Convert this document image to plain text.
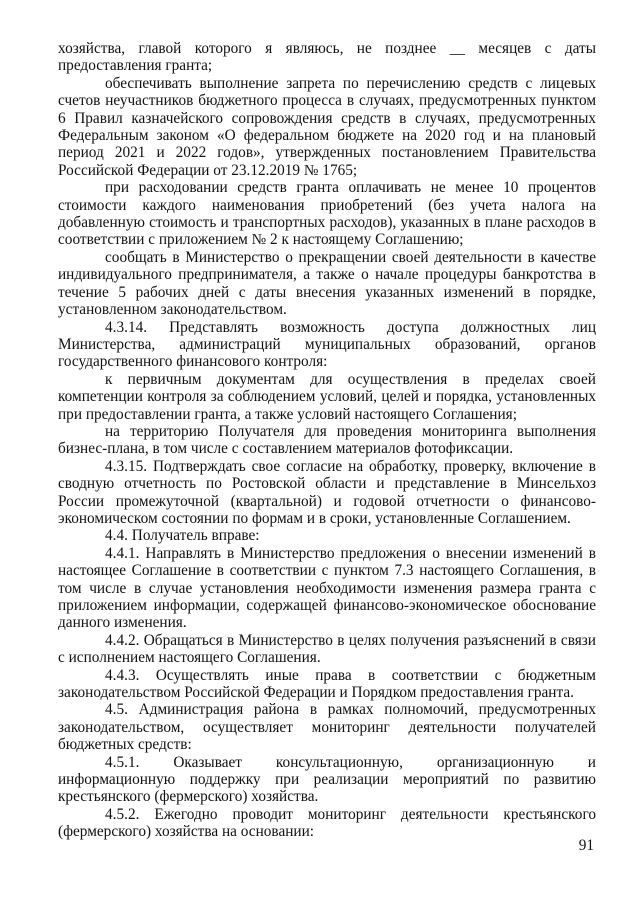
хозяйства, главой которого я являюсь, не позднее __ месяцев с даты предоставления гранта;

обеспечивать выполнение запрета по перечислению средств с лицевых счетов неучастников бюджетного процесса в случаях, предусмотренных пунктом 6 Правил казначейского сопровождения средств в случаях, предусмотренных Федеральным законом «О федеральном бюджете на 2020 год и на плановый период 2021 и 2022 годов», утвержденных постановлением Правительства Российской Федерации от 23.12.2019 № 1765;

при расходовании средств гранта оплачивать не менее 10 процентов стоимости каждого наименования приобретений (без учета налога на добавленную стоимость и транспортных расходов), указанных в плане расходов в соответствии с приложением № 2 к настоящему Соглашению;

сообщать в Министерство о прекращении своей деятельности в качестве индивидуального предпринимателя, а также о начале процедуры банкротства в течение 5 рабочих дней с даты внесения указанных изменений в порядке, установленном законодательством.

4.3.14. Представлять возможность доступа должностных лиц Министерства, администраций муниципальных образований, органов государственного финансового контроля:

к первичным документам для осуществления в пределах своей компетенции контроля за соблюдением условий, целей и порядка, установленных при предоставлении гранта, а также условий настоящего Соглашения;

на территорию Получателя для проведения мониторинга выполнения бизнес-плана, в том числе с составлением материалов фотофиксации.

4.3.15. Подтверждать свое согласие на обработку, проверку, включение в сводную отчетность по Ростовской области и представление в Минсельхоз России промежуточной (квартальной) и годовой отчетности о финансово-экономическом состоянии по формам и в сроки, установленные Соглашением.

4.4. Получатель вправе:

4.4.1. Направлять в Министерство предложения о внесении изменений в настоящее Соглашение в соответствии с пунктом 7.3 настоящего Соглашения, в том числе в случае установления необходимости изменения размера гранта с приложением информации, содержащей финансово-экономическое обоснование данного изменения.

4.4.2. Обращаться в Министерство в целях получения разъяснений в связи с исполнением настоящего Соглашения.

4.4.3. Осуществлять иные права в соответствии с бюджетным законодательством Российской Федерации и Порядком предоставления гранта.

4.5. Администрация района в рамках полномочий, предусмотренных законодательством, осуществляет мониторинг деятельности получателей бюджетных средств:

4.5.1. Оказывает консультационную, организационную и информационную поддержку при реализации мероприятий по развитию крестьянского (фермерского) хозяйства.

4.5.2. Ежегодно проводит мониторинг деятельности крестьянского (фермерского) хозяйства на основании:

91
